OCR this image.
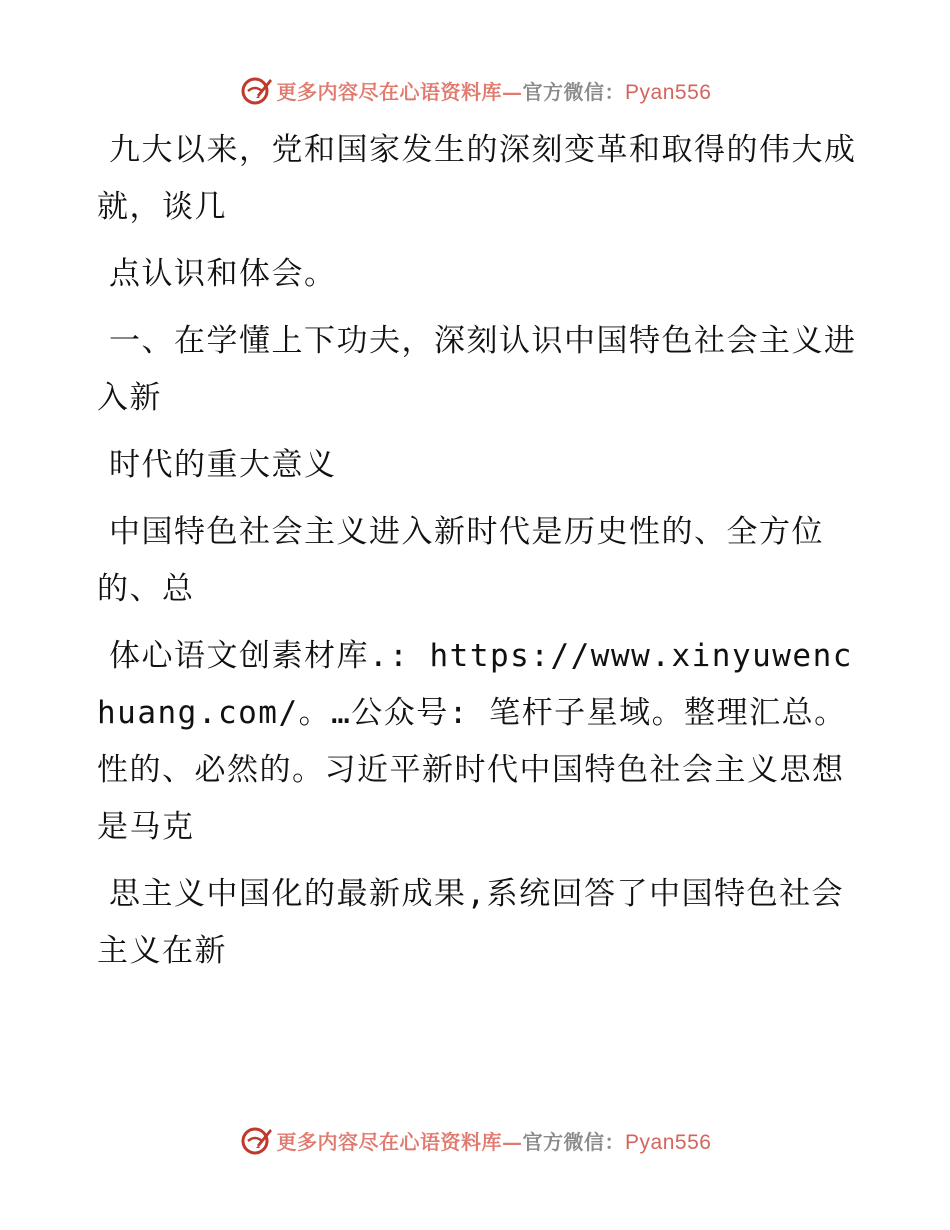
更多内容尽在心语资料库—官方微信：Pyan556

九大以来，党和国家发生的深刻变革和取得的伟大成就，谈几

点认识和体会。

一、在学懂上下功夫，深刻认识中国特色社会主义进入新

时代的重大意义

中国特色社会主义进入新时代是历史性的、全方位的、总

体心语文创素材库.: https://www.xinyuwenchuang.com/。…公众号: 笔杆子星域。整理汇总。性的、必然的。习近平新时代中国特色社会主义思想是马克

思主义中国化的最新成果,系统回答了中国特色社会主义在新

更多内容尽在心语资料库—官方微信：Pyan556
